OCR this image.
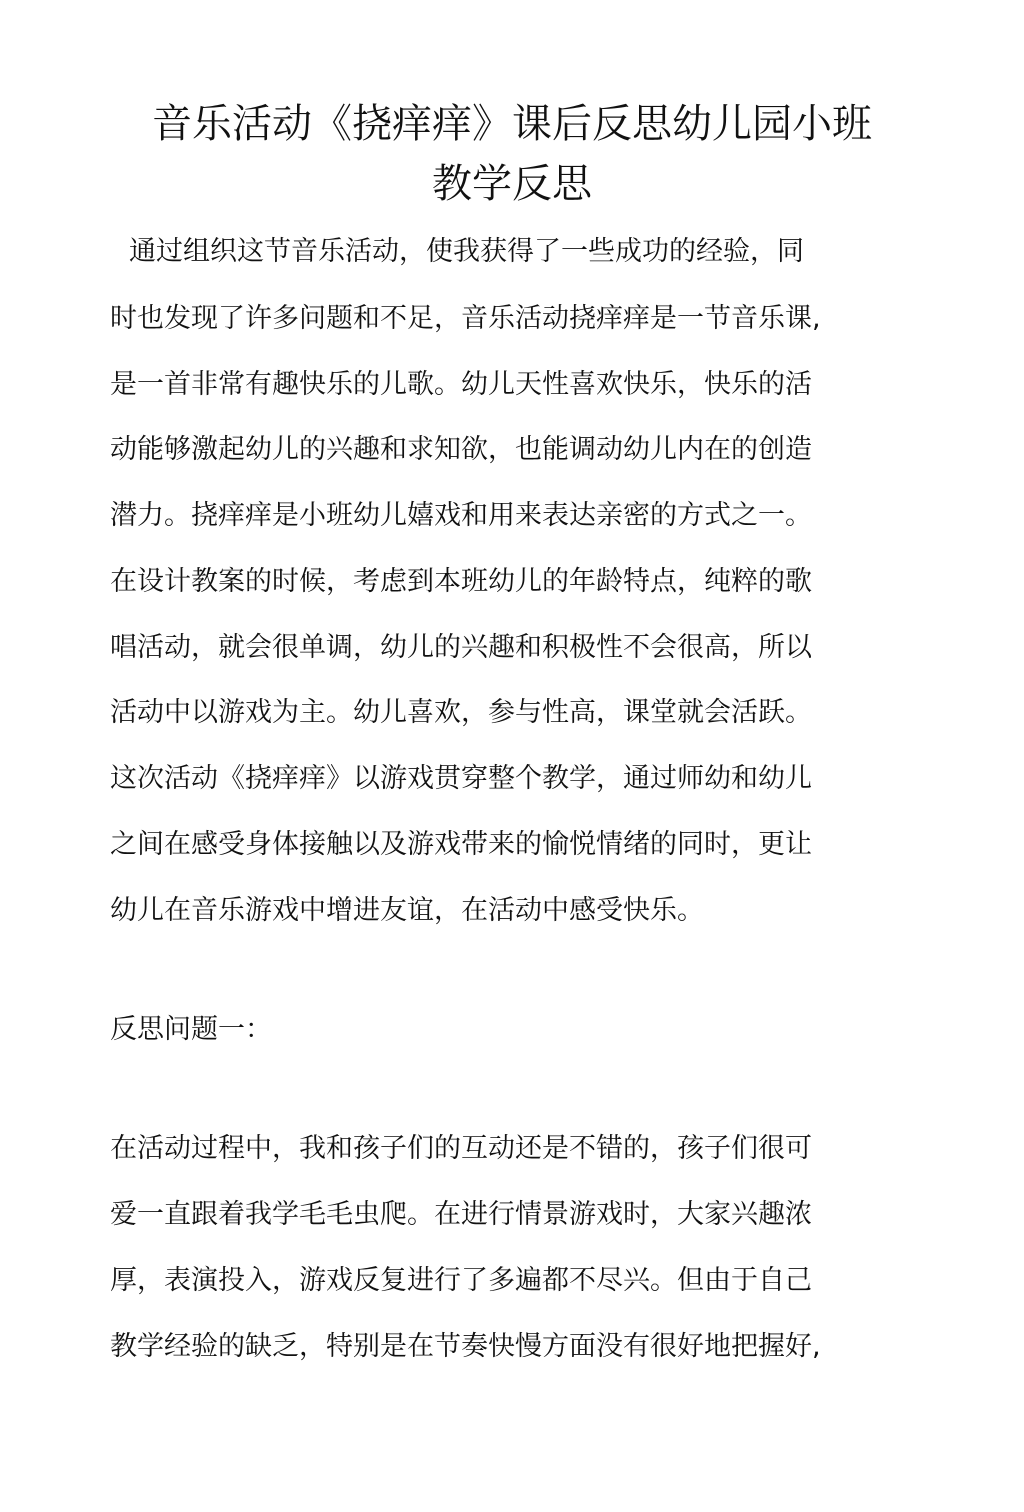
音乐活动《挠痒痒》课后反思幼儿园小班
教学反思

通过组织这节音乐活动，使我获得了一些成功的经验，同

时也发现了许多问题和不足，音乐活动挠痒痒是一节音乐课,

是一首非常有趣快乐的儿歌。幼儿天性喜欢快乐，快乐的活

动能够激起幼儿的兴趣和求知欲，也能调动幼儿内在的创造

潜力。挠痒痒是小班幼儿嬉戏和用来表达亲密的方式之一。

在设计教案的时候，考虑到本班幼儿的年龄特点，纯粹的歌

唱活动，就会很单调，幼儿的兴趣和积极性不会很高，所以

活动中以游戏为主。幼儿喜欢，参与性高，课堂就会活跃。

这次活动《挠痒痒》以游戏贯穿整个教学，通过师幼和幼儿

之间在感受身体接触以及游戏带来的愉悦情绪的同时，更让

幼儿在音乐游戏中增进友谊，在活动中感受快乐。

反思问题一：

在活动过程中，我和孩子们的互动还是不错的，孩子们很可

爱一直跟着我学毛毛虫爬。在进行情景游戏时，大家兴趣浓

厚，表演投入，游戏反复进行了多遍都不尽兴。但由于自己

教学经验的缺乏，特别是在节奏快慢方面没有很好地把握好,
